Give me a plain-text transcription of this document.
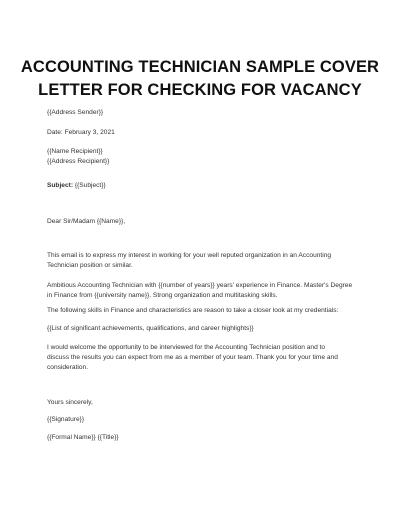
ACCOUNTING TECHNICIAN SAMPLE COVER
LETTER FOR CHECKING FOR VACANCY
{{Address Sender}}
Date: February 3, 2021
{{Name Recipient}}
{{Address Recipient}}
Subject: {{Subject}}
Dear Sir/Madam {{Name}},
This email is to express my interest in working for your well reputed organization in an Accounting
Technician position or similar.
Ambitious Accounting Technician with {{number of years}} years' experience in Finance. Master's Degree
in Finance from {{university name}}. Strong organization and multitasking skills.
The following skills in Finance and characteristics are reason to take a closer look at my credentials:
{{List of significant achievements, qualifications, and career highlights}}
I would welcome the opportunity to be interviewed for the Accounting Technician position and to
discuss the results you can expect from me as a member of your team. Thank you for your time and
consideration.
Yours sincerely,
{{Signature}}
{{Formal Name}} {{Title}}
